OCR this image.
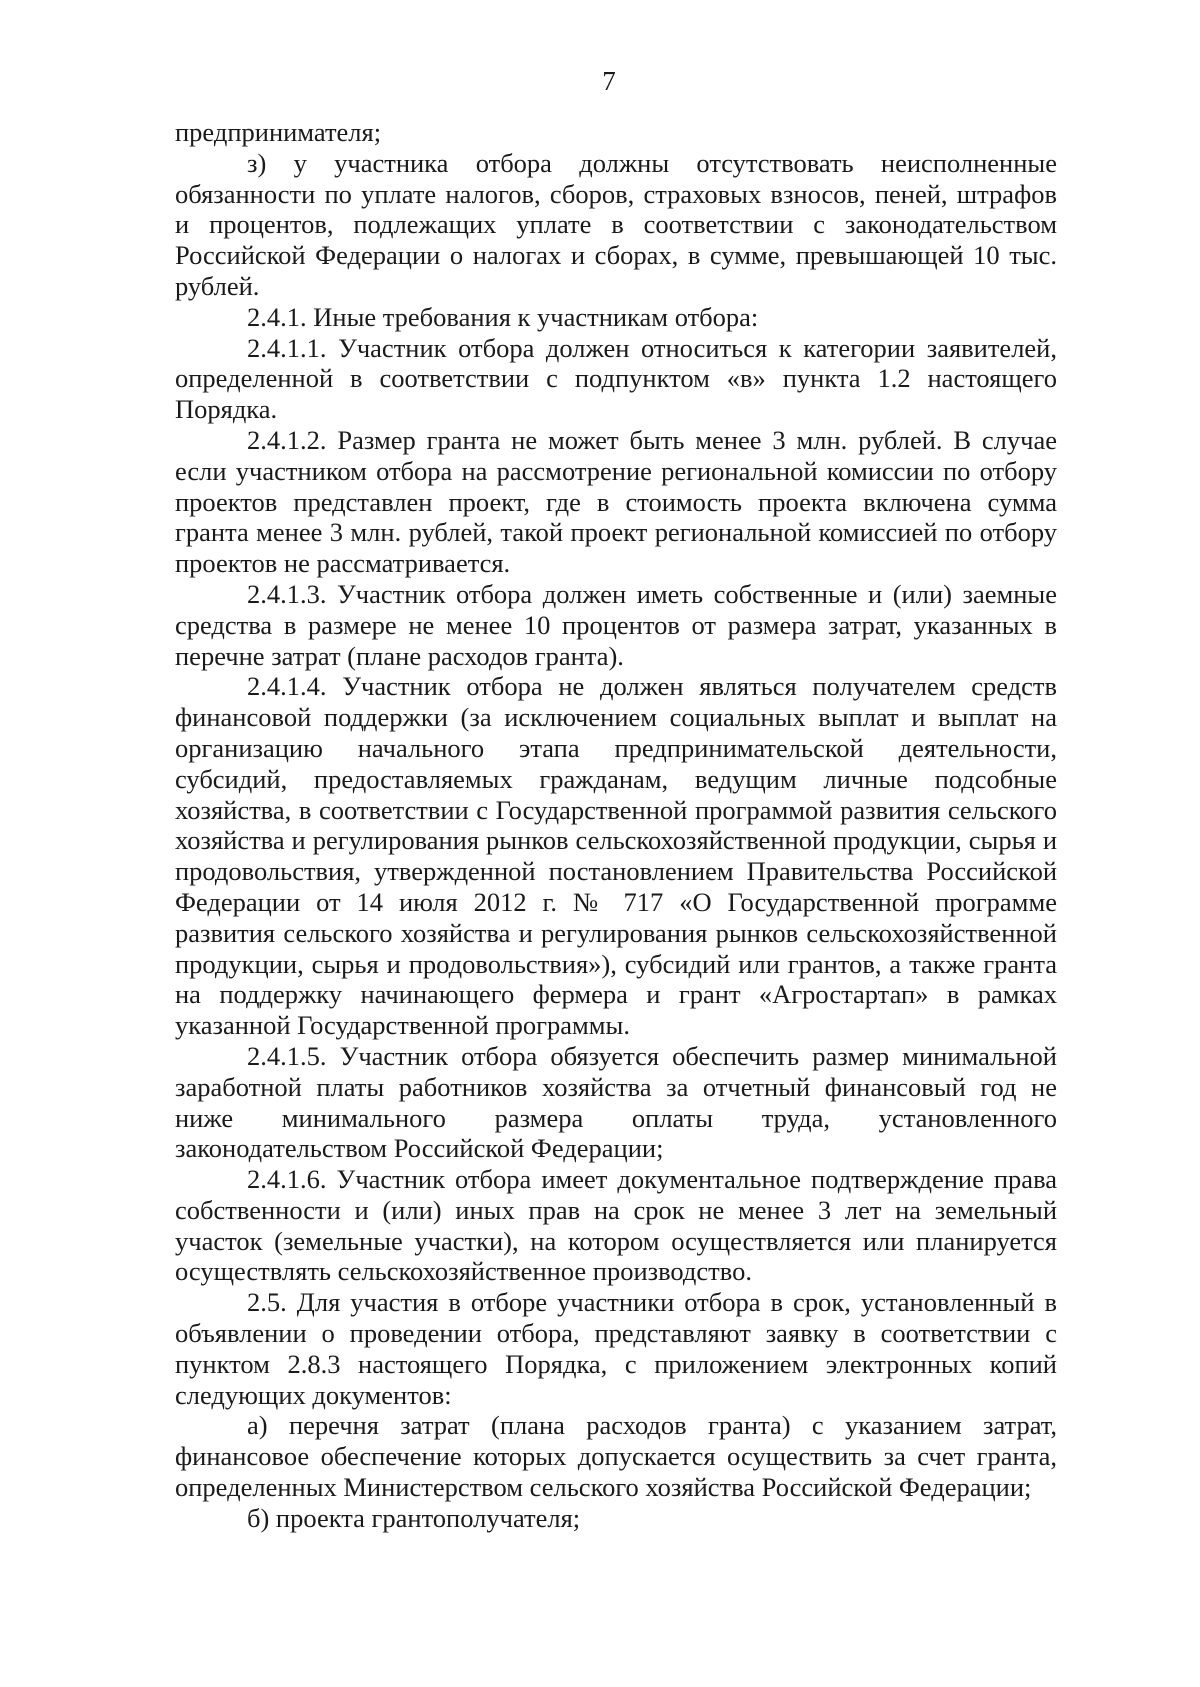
7

предпринимателя;

з) у участника отбора должны отсутствовать неисполненные обязанности по уплате налогов, сборов, страховых взносов, пеней, штрафов и процентов, подлежащих уплате в соответствии с законодательством Российской Федерации о налогах и сборах, в сумме, превышающей 10 тыс. рублей.

2.4.1. Иные требования к участникам отбора:

2.4.1.1. Участник отбора должен относиться к категории заявителей, определенной в соответствии с подпунктом «в» пункта 1.2 настоящего Порядка.

2.4.1.2. Размер гранта не может быть менее 3 млн. рублей. В случае если участником отбора на рассмотрение региональной комиссии по отбору проектов представлен проект, где в стоимость проекта включена сумма гранта менее 3 млн. рублей, такой проект региональной комиссией по отбору проектов не рассматривается.

2.4.1.3. Участник отбора должен иметь собственные и (или) заемные средства в размере не менее 10 процентов от размера затрат, указанных в перечне затрат (плане расходов гранта).

2.4.1.4. Участник отбора не должен являться получателем средств финансовой поддержки (за исключением социальных выплат и выплат на организацию начального этапа предпринимательской деятельности, субсидий, предоставляемых гражданам, ведущим личные подсобные хозяйства, в соответствии с Государственной программой развития сельского хозяйства и регулирования рынков сельскохозяйственной продукции, сырья и продовольствия, утвержденной постановлением Правительства Российской Федерации от 14 июля 2012 г. № 717 «О Государственной программе развития сельского хозяйства и регулирования рынков сельскохозяйственной продукции, сырья и продовольствия»), субсидий или грантов, а также гранта на поддержку начинающего фермера и грант «Агростартап» в рамках указанной Государственной программы.

2.4.1.5. Участник отбора обязуется обеспечить размер минимальной заработной платы работников хозяйства за отчетный финансовый год не ниже минимального размера оплаты труда, установленного законодательством Российской Федерации;

2.4.1.6. Участник отбора имеет документальное подтверждение права собственности и (или) иных прав на срок не менее 3 лет на земельный участок (земельные участки), на котором осуществляется или планируется осуществлять сельскохозяйственное производство.

2.5. Для участия в отборе участники отбора в срок, установленный в объявлении о проведении отбора, представляют заявку в соответствии с пунктом 2.8.3 настоящего Порядка, с приложением электронных копий следующих документов:

а) перечня затрат (плана расходов гранта) с указанием затрат, финансовое обеспечение которых допускается осуществить за счет гранта, определенных Министерством сельского хозяйства Российской Федерации;

б) проекта грантополучателя;
